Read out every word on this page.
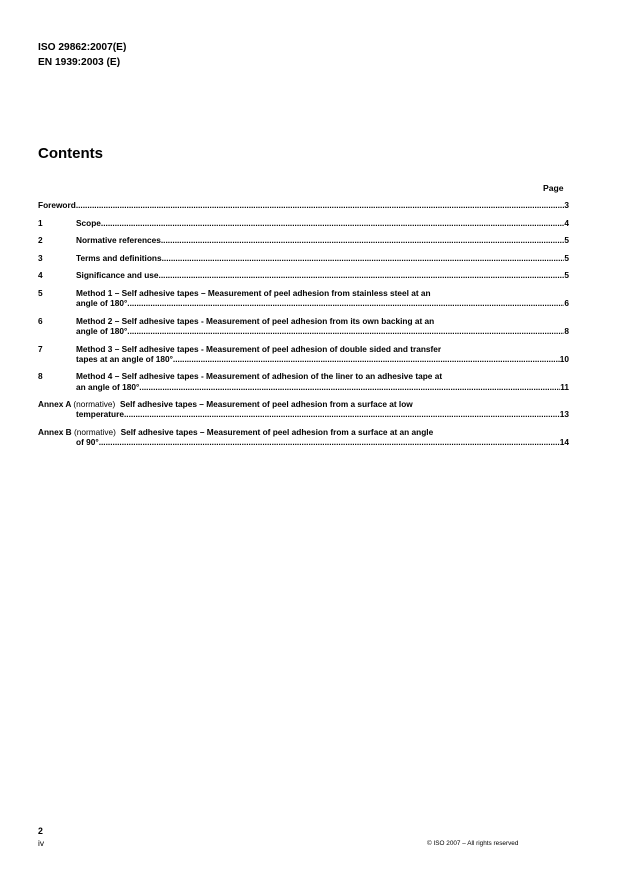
ISO 29862:2007(E)
EN 1939:2003 (E)
Contents
Page
Foreword .....	3
1	Scope .....	4
2	Normative references .....	5
3	Terms and definitions .....	5
4	Significance and use .....	5
5	Method 1 – Self adhesive tapes – Measurement of peel adhesion from stainless steel at an
angle of 180° .....	6
6	Method 2 – Self adhesive tapes - Measurement of peel adhesion from its own backing at an
angle of 180° .....	8
7	Method 3 – Self adhesive tapes - Measurement of peel adhesion of double sided and transfer
tapes at an angle of 180° .....	10
8	Method 4 – Self adhesive tapes - Measurement of adhesion of the liner to an adhesive tape at
an angle of 180° .....	11
Annex A (normative) Self adhesive tapes – Measurement of peel adhesion from a surface at low
temperature .....	13
Annex B (normative) Self adhesive tapes – Measurement of peel adhesion from a surface at an angle
of 90° .....	14
2
iv	© ISO 2007 – All rights reserved
